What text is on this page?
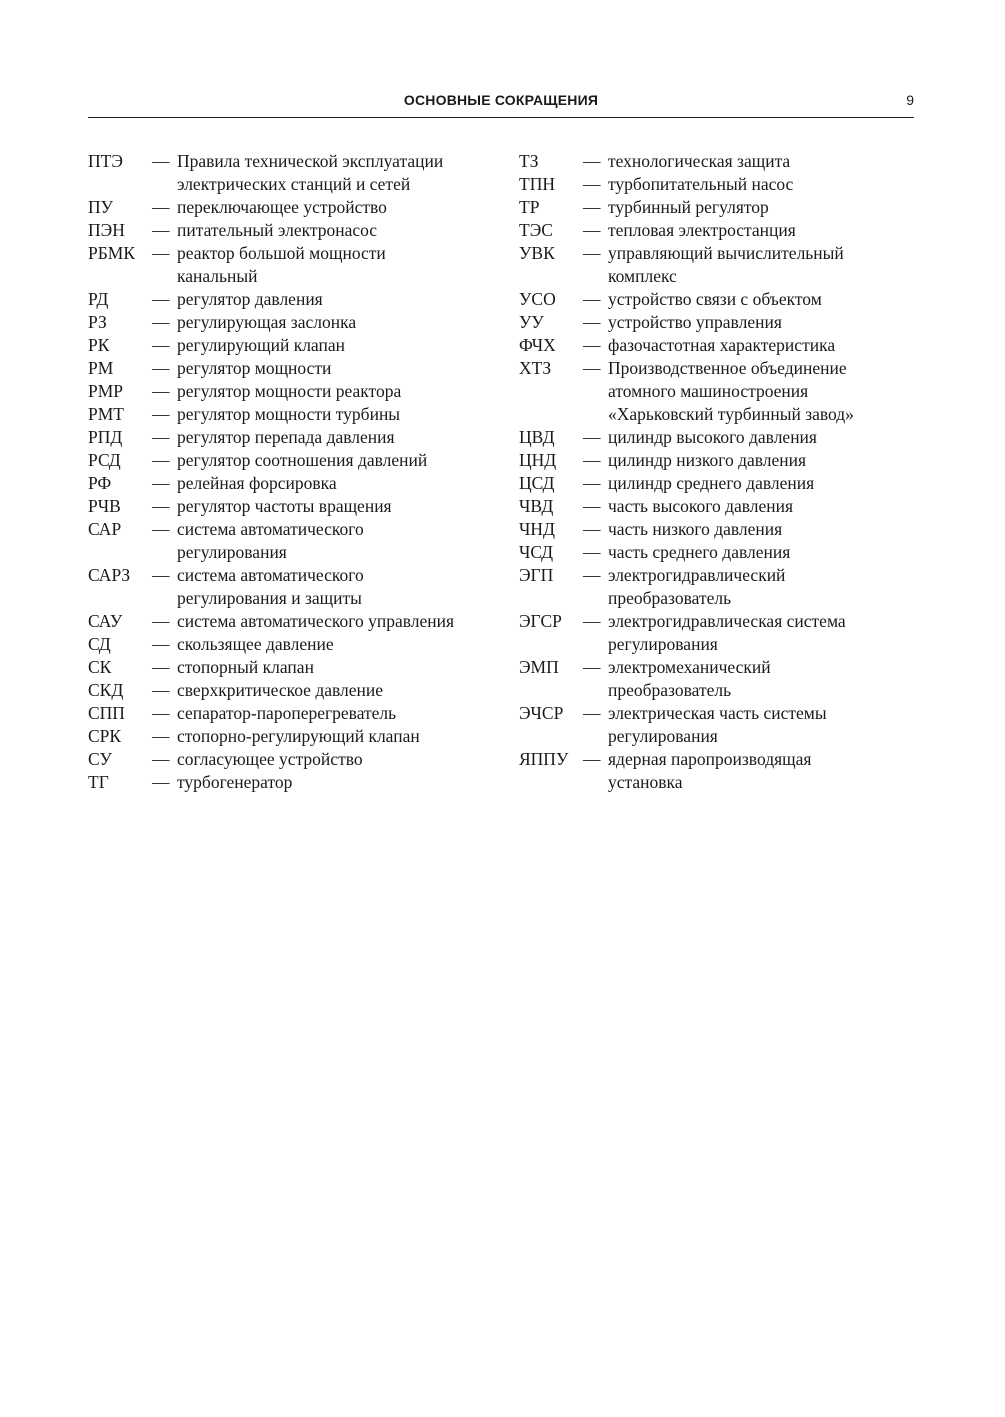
ОСНОВНЫЕ СОКРАЩЕНИЯ	9
ПТЭ	— Правила технической эксплуатации
электрических станций и сетей
ПУ	— переключающее устройство
ПЭН	— питательный электронасос
РБМК — реактор большой мощности
канальный
РД	— регулятор давления
РЗ	— регулирующая заслонка
РК	— регулирующий клапан
РМ	— регулятор мощности
РМР	— регулятор мощности реактора
РМТ	— регулятор мощности турбины
РПД	— регулятор перепада давления
РСД	— регулятор соотношения давлений
РФ	— релейная форсировка
РЧВ	— регулятор частоты вращения
САР	— система автоматического
регулирования
САРЗ	— система автоматического
регулирования и защиты
САУ	— система автоматического управления
СД	— скользящее давление
СК	— стопорный клапан
СКД	— сверхкритическое давление
СПП	— сепаратор-пароперегреватель
СРК	— стопорно-регулирующий клапан
СУ	— согласующее устройство
ТГ	— турбогенератор
ТЗ	— технологическая защита
ТПН	— турбопитательный насос
ТР	— турбинный регулятор
ТЭС	— тепловая электростанция
УВК	— управляющий вычислительный
комплекс
УСО	— устройство связи с объектом
УУ	— устройство управления
ФЧХ	— фазочастотная характеристика
ХТЗ	— Производственное объединение
атомного машиностроения
«Харьковский турбинный завод»
ЦВД	— цилиндр высокого давления
ЦНД	— цилиндр низкого давления
ЦСД	— цилиндр среднего давления
ЧВД	— часть высокого давления
ЧНД	— часть низкого давления
ЧСД	— часть среднего давления
ЭГП	— электрогидравлический
преобразователь
ЭГСР	— электрогидравлическая система
регулирования
ЭМП	— электромеханический
преобразователь
ЭЧСР	— электрическая часть системы
регулирования
ЯППУ — ядерная паропроизводящая
установка
